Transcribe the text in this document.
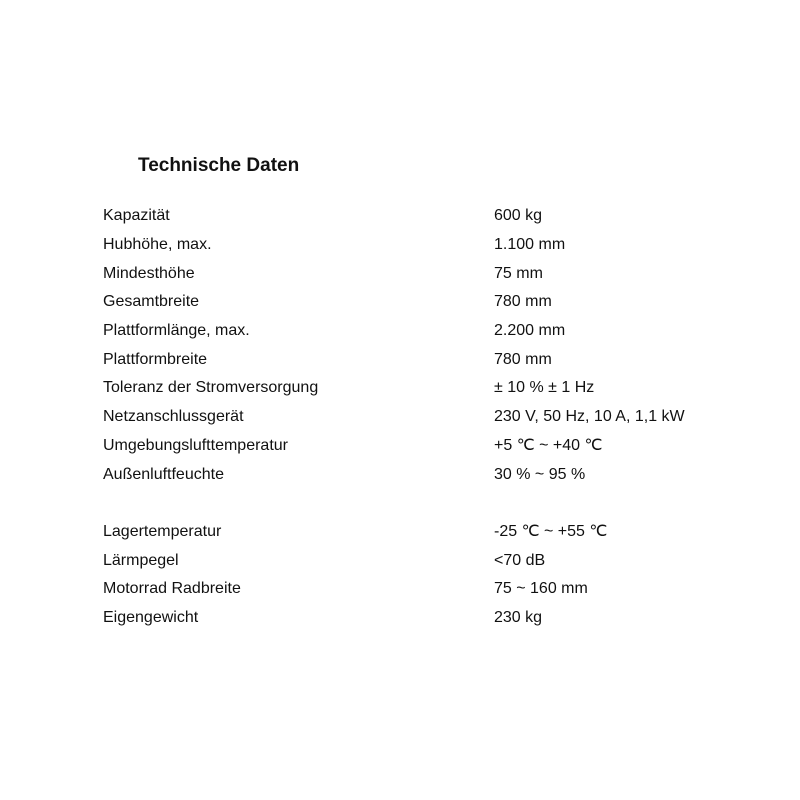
Technische Daten
Kapazität	600 kg
Hubhöhe, max.	1.100 mm
Mindesthöhe	75 mm
Gesamtbreite	780 mm
Plattformlänge, max.	2.200 mm
Plattformbreite	780 mm
Toleranz der Stromversorgung	± 10 % ± 1 Hz
Netzanschlussgerät	230 V, 50 Hz, 10 A, 1,1 kW
Umgebungslufttemperatur	+5 ℃ ~ +40 ℃
Außenluftfeuchte	30 % ~ 95 %
Lagertemperatur	-25 ℃ ~ +55 ℃
Lärmpegel	<70 dB
Motorrad Radbreite	75 ~ 160 mm
Eigengewicht	230 kg
